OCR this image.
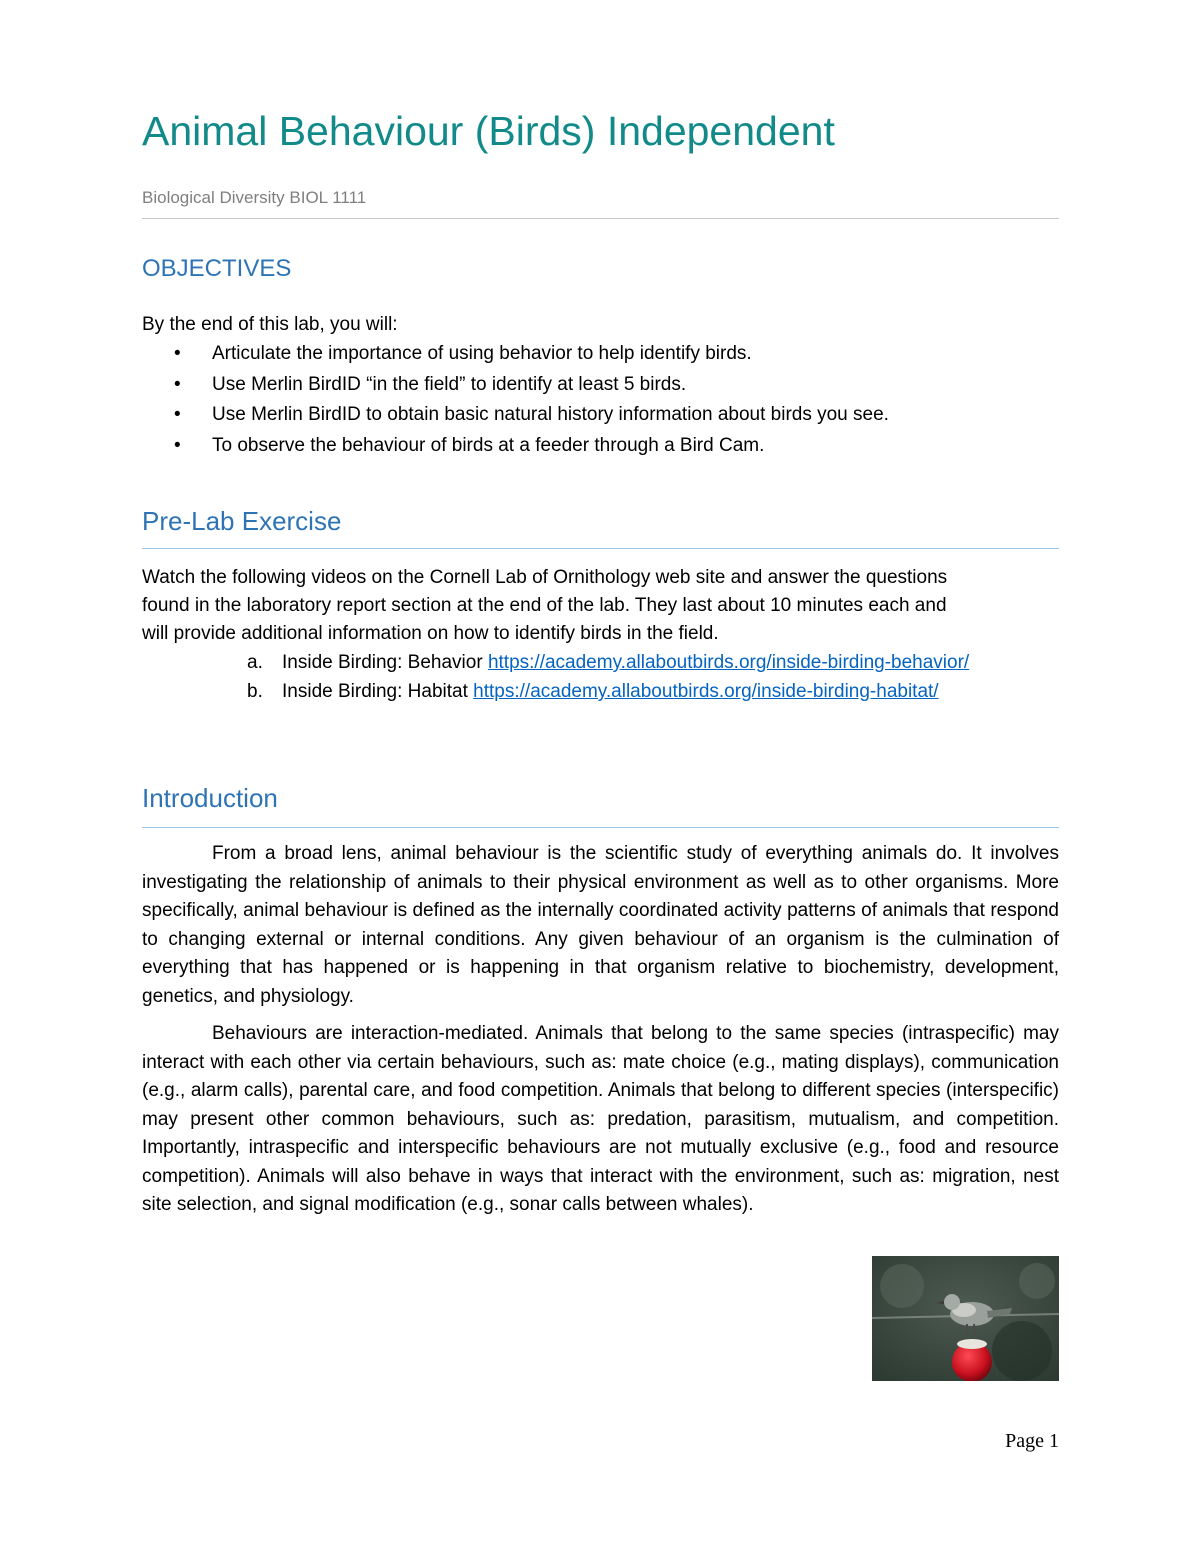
Animal Behaviour (Birds) Independent
Biological Diversity BIOL 1111
OBJECTIVES
By the end of this lab, you will:
• Articulate the importance of using behavior to help identify birds.
• Use Merlin BirdID “in the field” to identify at least 5 birds.
• Use Merlin BirdID to obtain basic natural history information about birds you see.
• To observe the behaviour of birds at a feeder through a Bird Cam.
Pre-Lab Exercise
Watch the following videos on the Cornell Lab of Ornithology web site and answer the questions
found in the laboratory report section at the end of the lab. They last about 10 minutes each and
will provide additional information on how to identify birds in the field.
a. Inside Birding: Behavior https://academy.allaboutbirds.org/inside-birding-behavior/
b. Inside Birding: Habitat https://academy.allaboutbirds.org/inside-birding-habitat/
Introduction

From a broad lens, animal behaviour is the scientific study of everything animals do. It involves investigating the relationship of animals to their physical environment as well as to other organisms. More specifically, animal behaviour is defined as the internally coordinated activity patterns of animals that respond to changing external or internal conditions. Any given behaviour of an organism is the culmination of everything that has happened or is happening in that organism relative to biochemistry, development, genetics, and physiology.

Behaviours are interaction-mediated. Animals that belong to the same species (intraspecific) may interact with each other via certain behaviours, such as: mate choice (e.g., mating displays), communication (e.g., alarm calls), parental care, and food competition. Animals that belong to different species (interspecific) may present other common behaviours, such as: predation, parasitism, mutualism, and competition. Importantly, intraspecific and interspecific behaviours are not mutually exclusive (e.g., food and resource competition). Animals will also behave in ways that interact with the environment, such as: migration, nest site selection, and signal modification (e.g., sonar calls between whales).

Page 1
